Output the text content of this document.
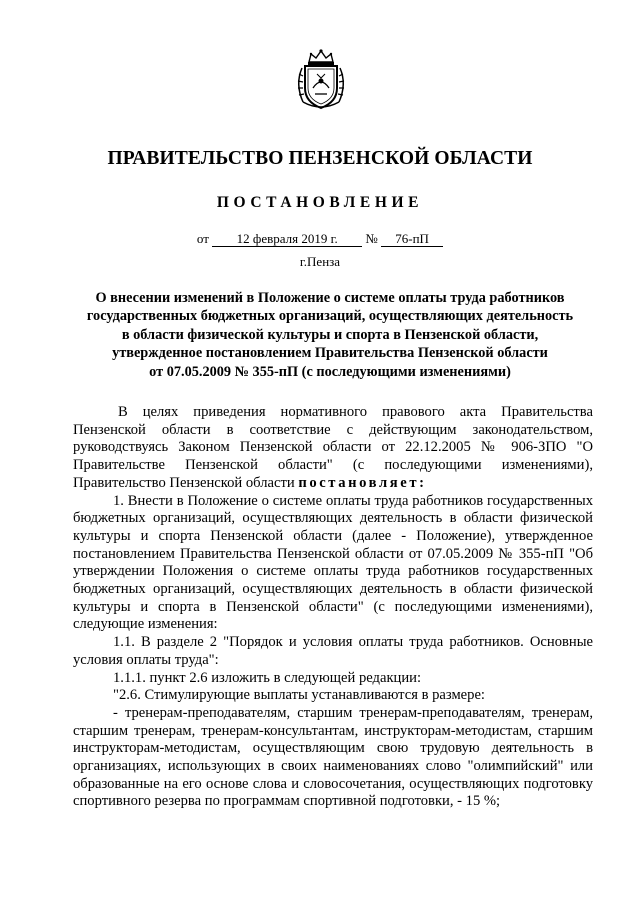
ПРАВИТЕЛЬСТВО ПЕНЗЕНСКОЙ ОБЛАСТИ
ПОСТАНОВЛЕНИЕ
от 12 февраля 2019 г. № 76-пП
г.Пенза
О внесении изменений в Положение о системе оплаты труда работников
государственных бюджетных организаций, осуществляющих деятельность
в области физической культуры и спорта в Пензенской области,
утвержденное постановлением Правительства Пензенской области
от 07.05.2009 № 355-пП (с последующими изменениями)

В целях приведения нормативного правового акта Правительства Пензенской области в соответствие с действующим законодательством, руководствуясь Законом Пензенской области от 22.12.2005 № 906-ЗПО "О Правительстве Пензенской области" (с последующими изменениями), Правительство Пензенской области постановляет:

1. Внести в Положение о системе оплаты труда работников государственных бюджетных организаций, осуществляющих деятельность в области физической культуры и спорта Пензенской области (далее - Положение), утвержденное постановлением Правительства Пензенской области от 07.05.2009 № 355-пП "Об утверждении Положения о системе оплаты труда работников государственных бюджетных организаций, осуществляющих деятельность в области физической культуры и спорта в Пензенской области" (с последующими изменениями), следующие изменения:

1.1. В разделе 2 "Порядок и условия оплаты труда работников. Основные условия оплаты труда":

1.1.1. пункт 2.6 изложить в следующей редакции:

"2.6. Стимулирующие выплаты устанавливаются в размере:

- тренерам-преподавателям, старшим тренерам-преподавателям, тренерам, старшим тренерам, тренерам-консультантам, инструкторам-методистам, старшим инструкторам-методистам, осуществляющим свою трудовую деятельность в организациях, использующих в своих наименованиях слово "олимпийский" или образованные на его основе слова и словосочетания, осуществляющих подготовку спортивного резерва по программам спортивной подготовки, - 15 %;
